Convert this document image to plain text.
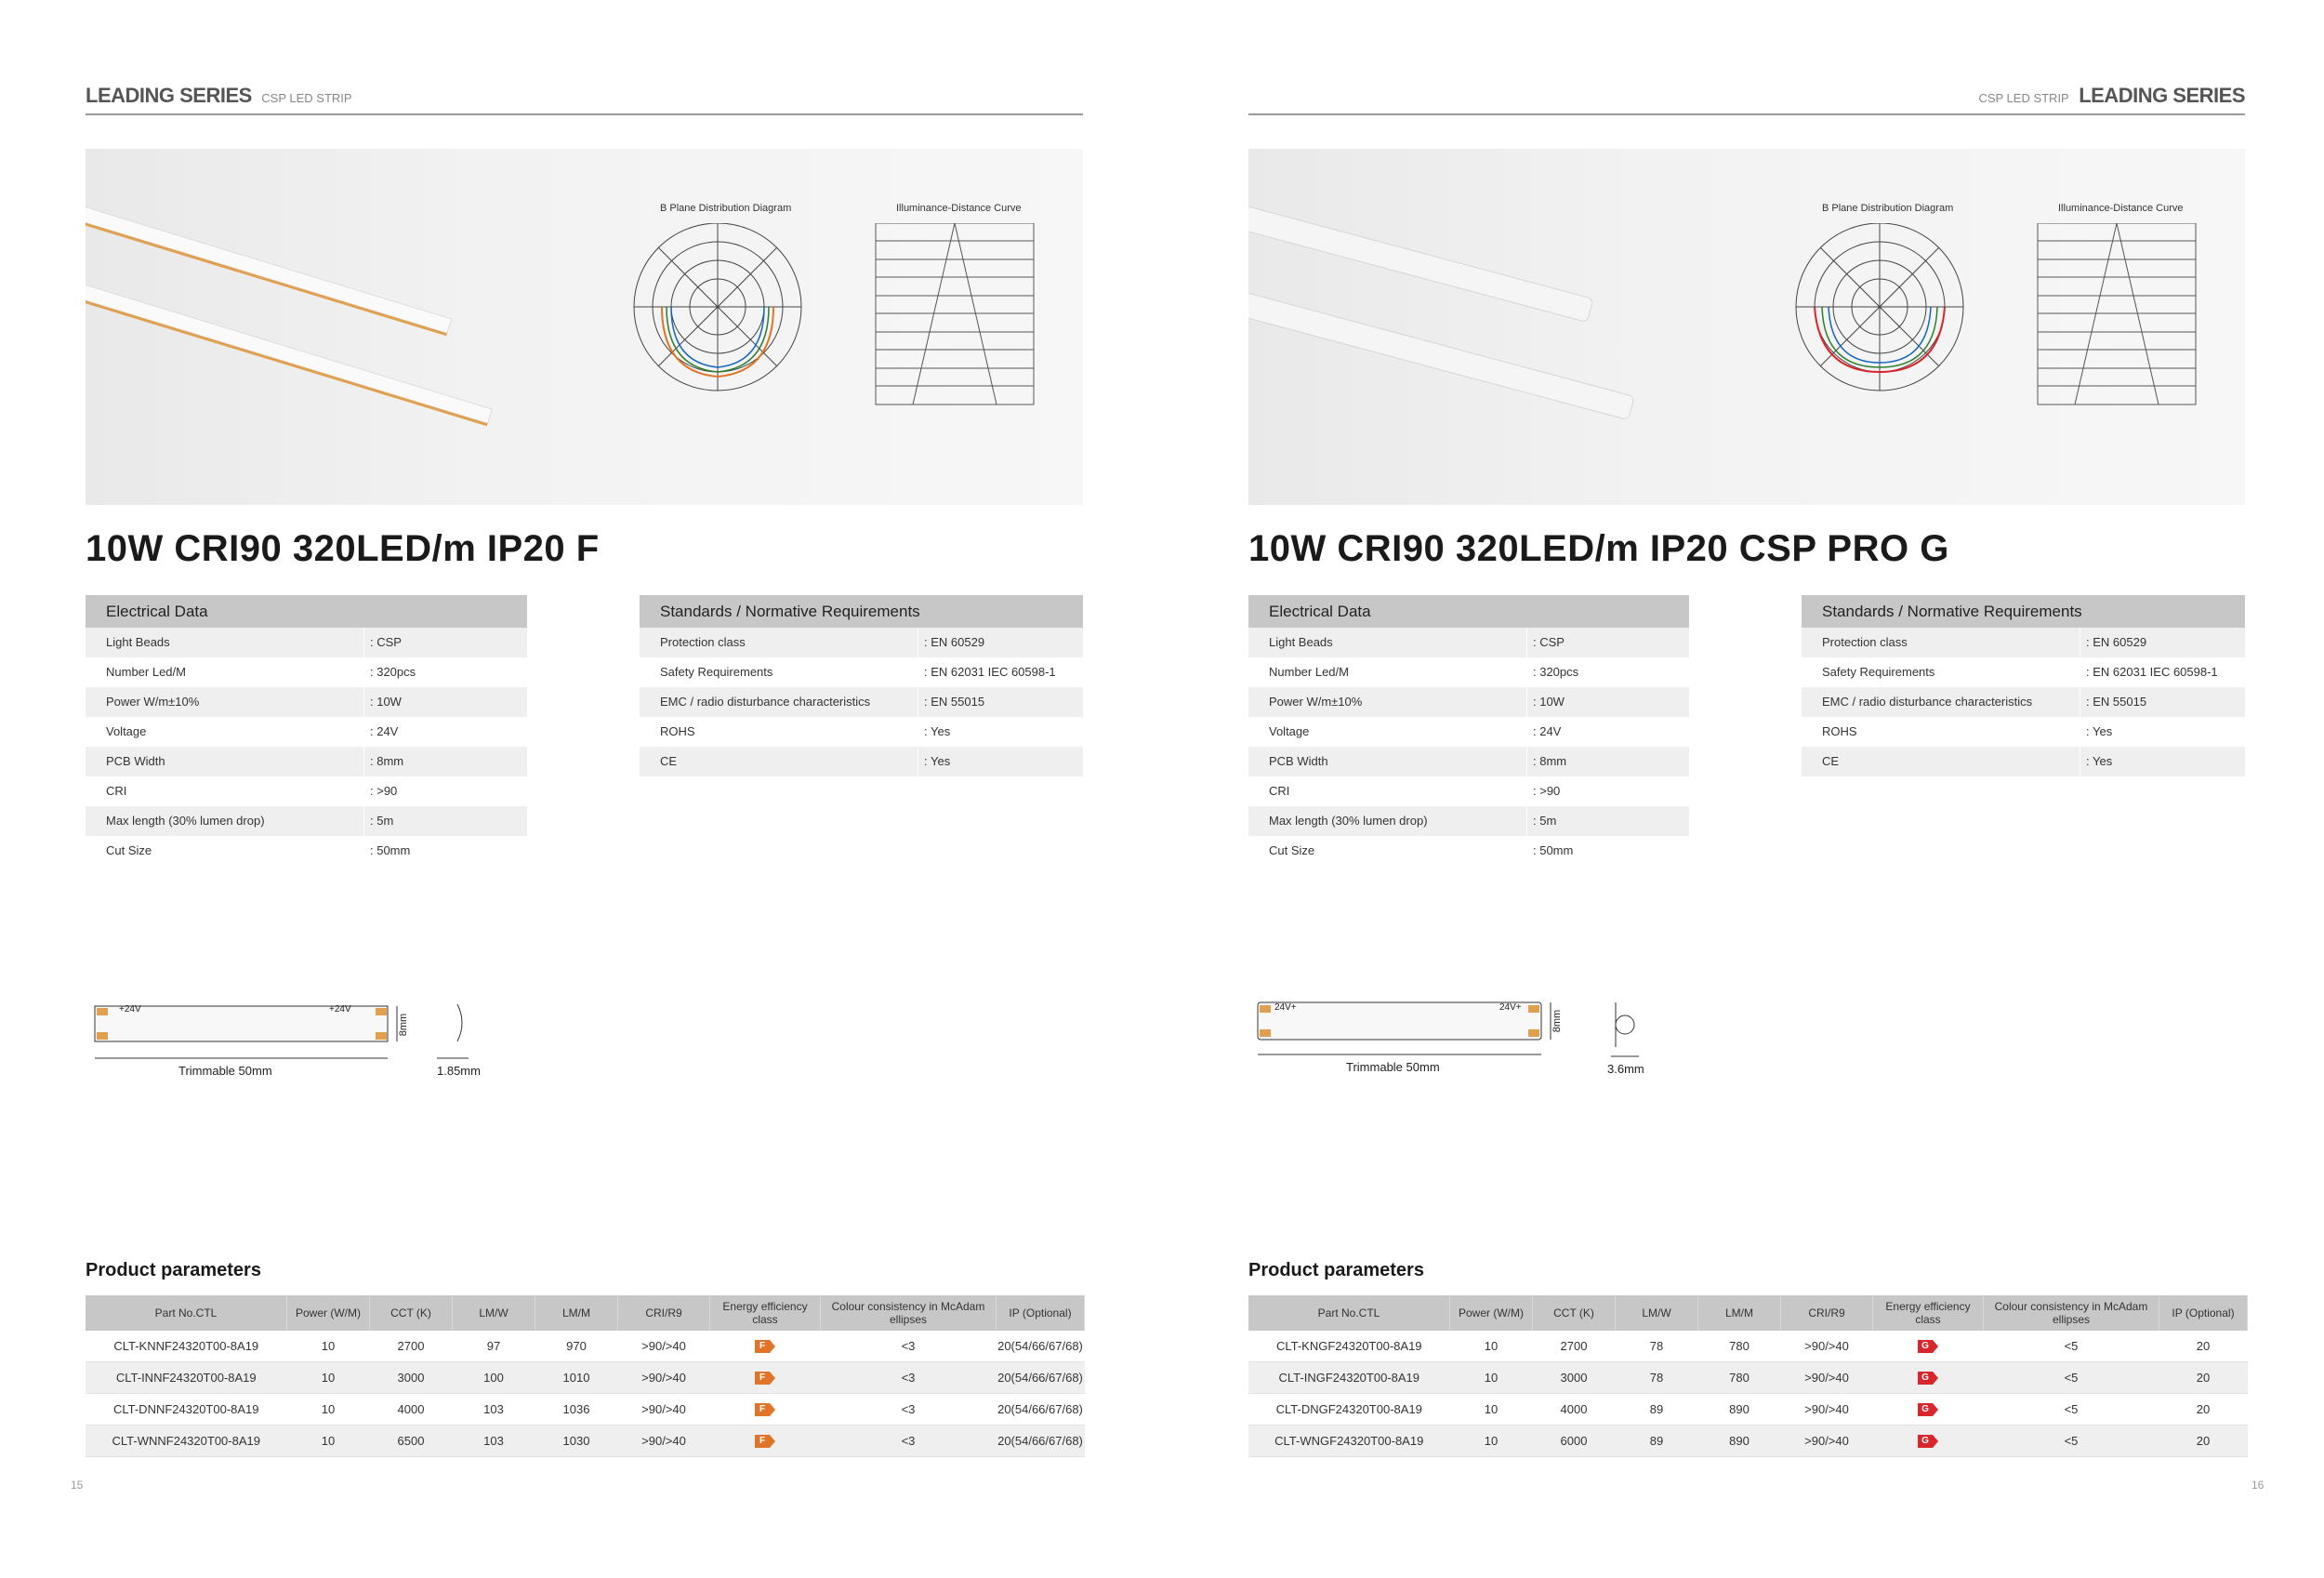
LEADING SERIES CSP LED STRIP
B Plane Distribution Diagram	Illuminance-Distance Curve
10W CRI90 320LED/m IP20 F
Electrical Data
Light Beads	: CSP
Number Led/M	: 320pcs
Power W/m±10%	: 10W
Voltage	: 24V
PCB Width	: 8mm
CRI	: >90
Max length (30% lumen drop)	: 5m
Cut Size	: 50mm
Standards / Normative Requirements
Protection class	: EN 60529
Safety Requirements	: EN 62031 IEC 60598-1
EMC / radio disturbance characteristics	: EN 55015
ROHS	: Yes
CE	: Yes
+24V	+24V
8mm
Trimmable 50mm	1.85mm
Product parameters
Part No.CTL	Power (W/M)	CCT (K)	LM/W	LM/M	CRI/R9	Energy efficiency class	Colour consistency in McAdam ellipses	IP (Optional)
CLT-KNNF24320T00-8A19	10	2700	97	970	>90/>40	F	<3	20(54/66/67/68)
CLT-INNF24320T00-8A19	10	3000	100	1010	>90/>40	F	<3	20(54/66/67/68)
CLT-DNNF24320T00-8A19	10	4000	103	1036	>90/>40	F	<3	20(54/66/67/68)
CLT-WNNF24320T00-8A19	10	6500	103	1030	>90/>40	F	<3	20(54/66/67/68)
15
CSP LED STRIP LEADING SERIES
B Plane Distribution Diagram	Illuminance-Distance Curve
10W CRI90 320LED/m IP20 CSP PRO G
Electrical Data
Light Beads	: CSP
Number Led/M	: 320pcs
Power W/m±10%	: 10W
Voltage	: 24V
PCB Width	: 8mm
CRI	: >90
Max length (30% lumen drop)	: 5m
Cut Size	: 50mm
Standards / Normative Requirements
Protection class	: EN 60529
Safety Requirements	: EN 62031 IEC 60598-1
EMC / radio disturbance characteristics	: EN 55015
ROHS	: Yes
CE	: Yes
24V+	24V+
8mm
Trimmable 50mm	3.6mm
Product parameters
Part No.CTL	Power (W/M)	CCT (K)	LM/W	LM/M	CRI/R9	Energy efficiency class	Colour consistency in McAdam ellipses	IP (Optional)
CLT-KNGF24320T00-8A19	10	2700	78	780	>90/>40	G	<5	20
CLT-INGF24320T00-8A19	10	3000	78	780	>90/>40	G	<5	20
CLT-DNGF24320T00-8A19	10	4000	89	890	>90/>40	G	<5	20
CLT-WNGF24320T00-8A19	10	6000	89	890	>90/>40	G	<5	20
16
